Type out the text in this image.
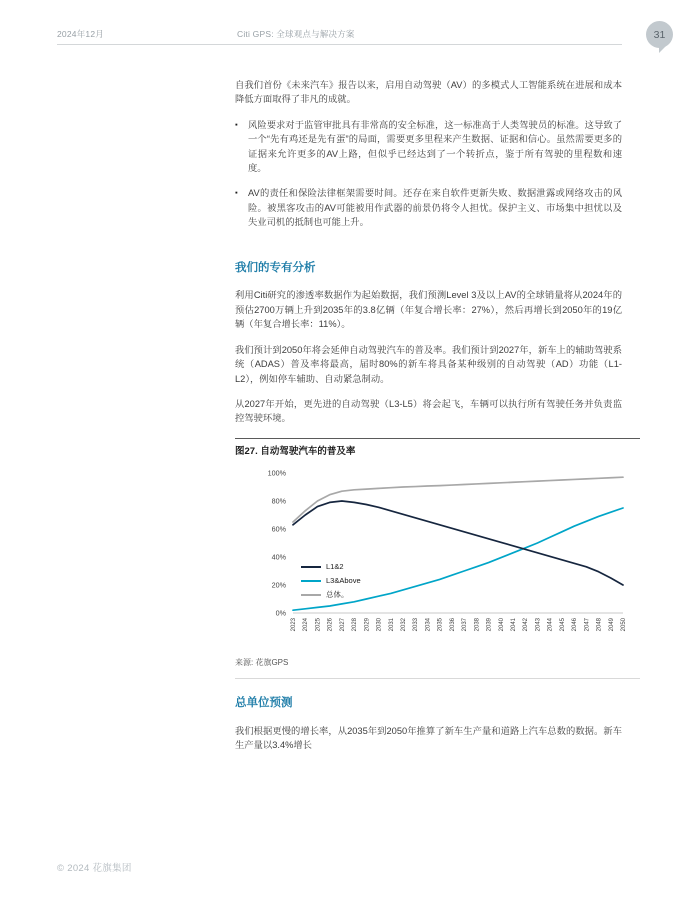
2024年12月	Citi GPS: 全球观点与解决方案	31

自我们首份《未来汽车》报告以来，启用自动驾驶（AV）的多模式人工智能系统在进展和成本降低方面取得了非凡的成就。

▪	风险要求对于监管审批具有非常高的安全标准，这一标准高于人类驾驶员的标准。这导致了一个“先有鸡还是先有蛋”的局面，需要更多里程来产生数据、证据和信心。虽然需要更多的证据来允许更多的AV上路，但似乎已经达到了一个转折点，鉴于所有驾驶的里程数和速度。
▪	AV的责任和保险法律框架需要时间。还存在来自软件更新失败、数据泄露或网络攻击的风险。被黑客攻击的AV可能被用作武器的前景仍将令人担忧。保护主义、市场集中担忧以及失业司机的抵制也可能上升。
我们的专有分析

利用Citi研究的渗透率数据作为起始数据，我们预测Level 3及以上AV的全球销量将从2024年的预估2700万辆上升到2035年的3.8亿辆（年复合增长率：27%），然后再增长到2050年的19亿辆（年复合增长率：11%）。

我们预计到2050年将会延伸自动驾驶汽车的普及率。我们预计到2027年，新车上的辅助驾驶系统（ADAS）普及率将最高，届时80%的新车将具备某种级别的自动驾驶（AD）功能（L1-L2），例如停车辅助、自动紧急制动。

从2027年开始，更先进的自动驾驶（L3-L5）将会起飞，车辆可以执行所有驾驶任务并负责监控驾驶环境。

图27. 自动驾驶汽车的普及率
0%
20%
40%
60%
80%
100%
2023 2024 2025 2026 2027 2028 2029 2030 2031 2032 2033 2034 2035 2036 2037 2038 2039 2040 2041 2042 2043 2044 2045 2046 2047 2048 2049 2050
L1&2
L3&Above
总体。
来源: 花旗GPS
总单位预测

我们根据更慢的增长率，从2035年到2050年推算了新车生产量和道路上汽车总数的数据。新车生产量以3.4%增长

© 2024 花旗集团
